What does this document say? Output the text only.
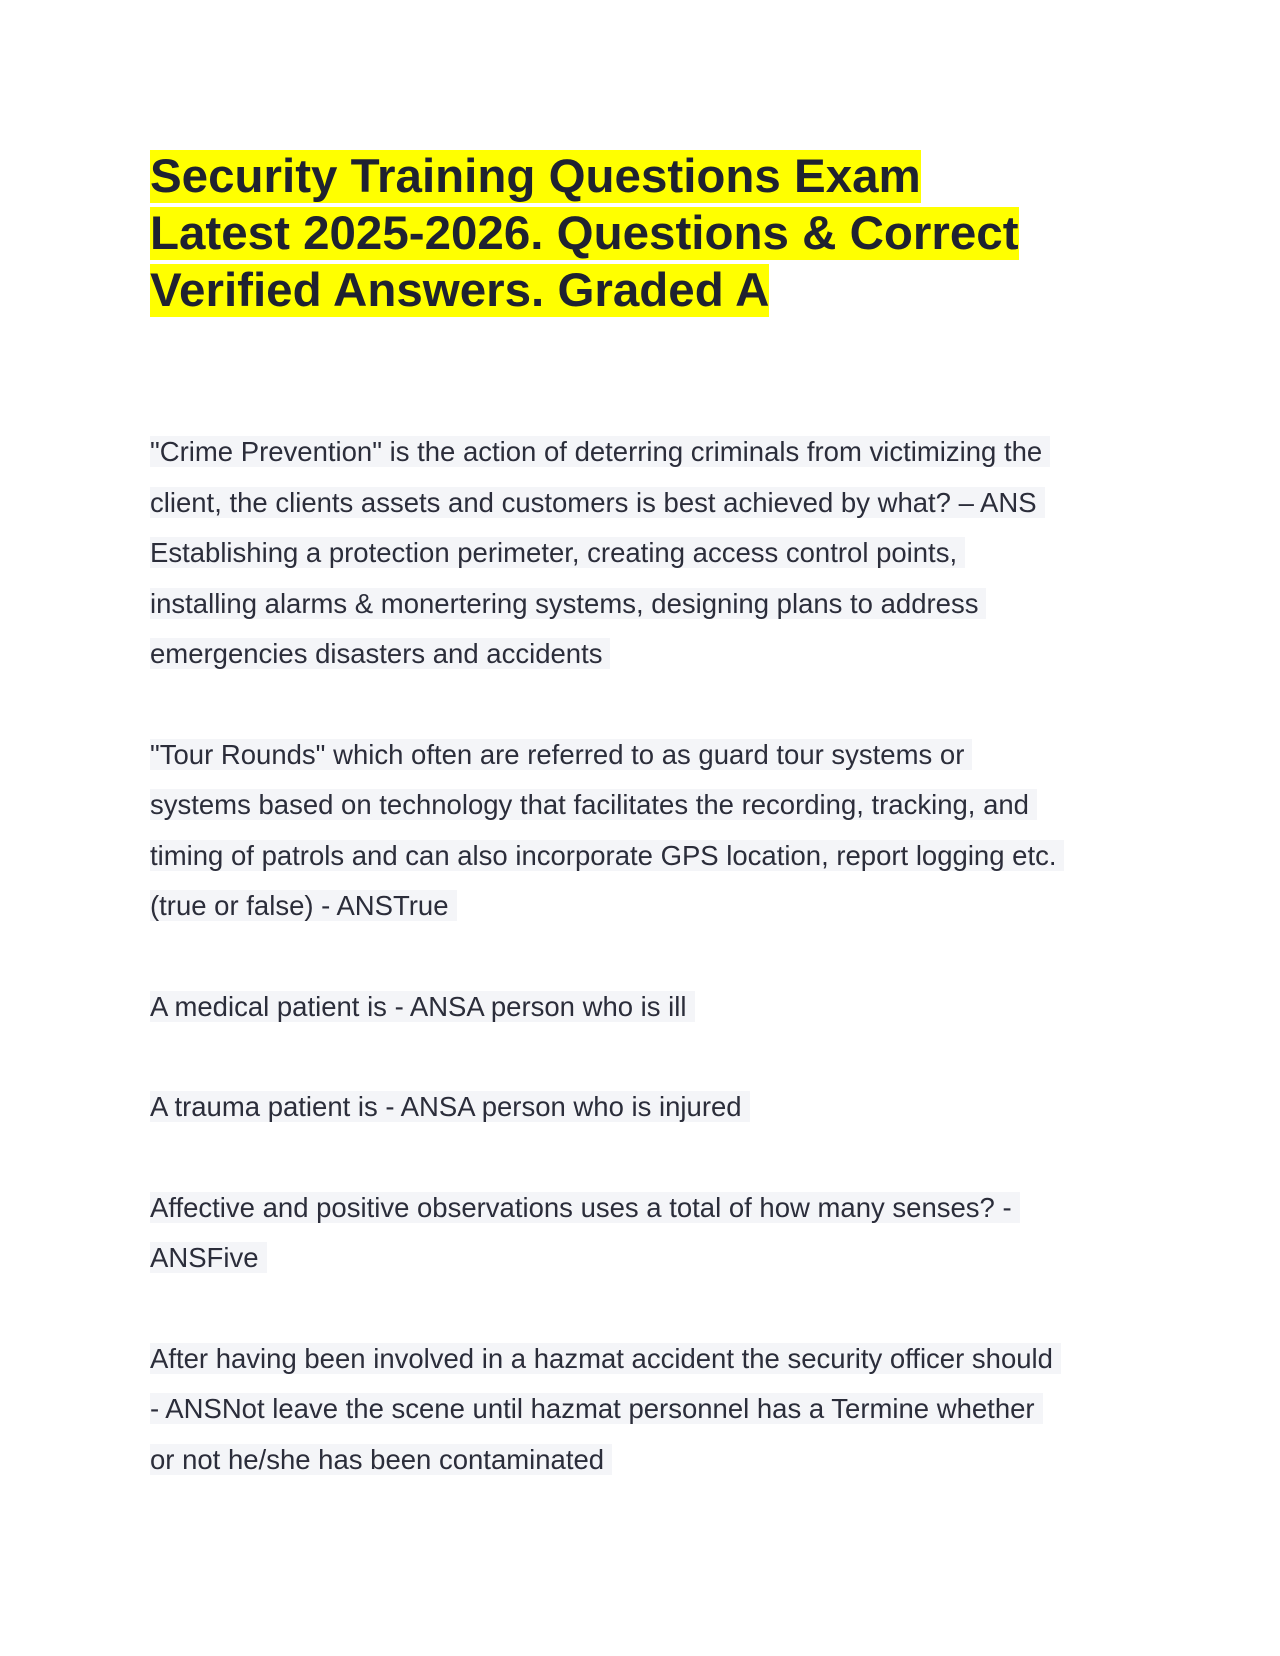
Security Training Questions Exam
Latest 2025-2026. Questions & Correct
Verified Answers. Graded A

"Crime Prevention" is the action of deterring criminals from victimizing the
client, the clients assets and customers is best achieved by what? – ANS
Establishing a protection perimeter, creating access control points,
installing alarms & monertering systems, designing plans to address
emergencies disasters and accidents

"Tour Rounds" which often are referred to as guard tour systems or
systems based on technology that facilitates the recording, tracking, and
timing of patrols and can also incorporate GPS location, report logging etc.
(true or false) - ANSTrue

A medical patient is - ANSA person who is ill

A trauma patient is - ANSA person who is injured

Affective and positive observations uses a total of how many senses? -
ANSFive

After having been involved in a hazmat accident the security officer should
- ANSNot leave the scene until hazmat personnel has a Termine whether
or not he/she has been contaminated
